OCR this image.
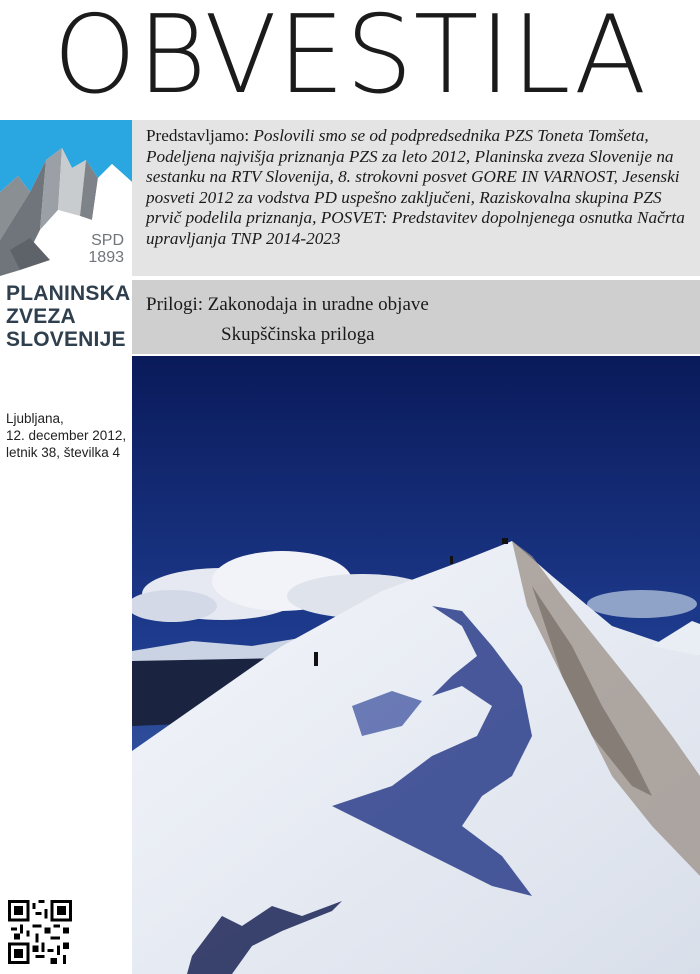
OBVESTILA
SPD
1893
PLANINSKA
ZVEZA
SLOVENIJE
Ljubljana,
12. december 2012,
letnik 38, številka 4
Predstavljamo: Poslovili smo se od podpredsednika PZS Toneta Tomšeta, Podeljena najvišja priznanja PZS za leto 2012, Planinska zveza Slovenije na sestanku na RTV Slovenija, 8. strokovni posvet GORE IN VARNOST, Jesenski posveti 2012 za vodstva PD uspešno zaključeni, Raziskovalna skupina PZS prvič podelila priznanja, POSVET: Predstavitev dopolnjenega osnutka Načrta upravljanja TNP 2014-2023
Prilogi: Zakonodaja in uradne objave
Skupščinska priloga
